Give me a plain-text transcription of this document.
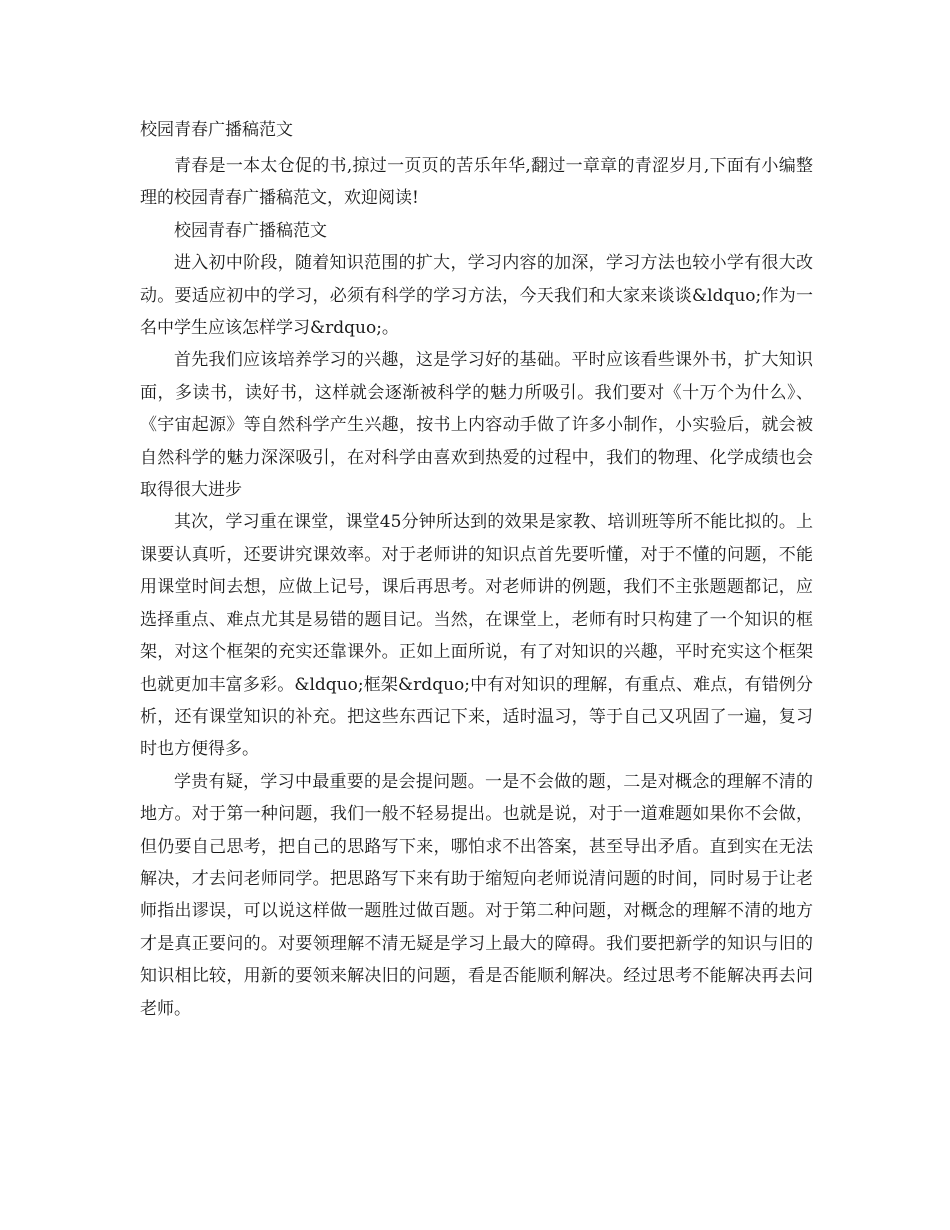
校园青春广播稿范文

青春是一本太仓促的书,掠过一页页的苦乐年华,翻过一章章的青涩岁月,下面有小编整理的校园青春广播稿范文，欢迎阅读!

校园青春广播稿范文

进入初中阶段，随着知识范围的扩大，学习内容的加深，学习方法也较小学有很大改动。要适应初中的学习，必须有科学的学习方法，今天我们和大家来谈谈&ldquo;作为一名中学生应该怎样学习&rdquo;。

首先我们应该培养学习的兴趣，这是学习好的基础。平时应该看些课外书，扩大知识面，多读书，读好书，这样就会逐渐被科学的魅力所吸引。我们要对《十万个为什么》、《宇宙起源》等自然科学产生兴趣，按书上内容动手做了许多小制作，小实验后，就会被自然科学的魅力深深吸引，在对科学由喜欢到热爱的过程中，我们的物理、化学成绩也会取得很大进步

其次，学习重在课堂，课堂45分钟所达到的效果是家教、培训班等所不能比拟的。上课要认真听，还要讲究课效率。对于老师讲的知识点首先要听懂，对于不懂的问题，不能用课堂时间去想，应做上记号，课后再思考。对老师讲的例题，我们不主张题题都记，应选择重点、难点尤其是易错的题目记。当然，在课堂上，老师有时只构建了一个知识的框架，对这个框架的充实还靠课外。正如上面所说，有了对知识的兴趣，平时充实这个框架也就更加丰富多彩。&ldquo;框架&rdquo;中有对知识的理解，有重点、难点，有错例分析，还有课堂知识的补充。把这些东西记下来，适时温习，等于自己又巩固了一遍，复习时也方便得多。

学贵有疑，学习中最重要的是会提问题。一是不会做的题，二是对概念的理解不清的地方。对于第一种问题，我们一般不轻易提出。也就是说，对于一道难题如果你不会做，但仍要自己思考，把自己的思路写下来，哪怕求不出答案，甚至导出矛盾。直到实在无法解决，才去问老师同学。把思路写下来有助于缩短向老师说清问题的时间，同时易于让老师指出谬误，可以说这样做一题胜过做百题。对于第二种问题，对概念的理解不清的地方才是真正要问的。对要领理解不清无疑是学习上最大的障碍。我们要把新学的知识与旧的知识相比较，用新的要领来解决旧的问题，看是否能顺利解决。经过思考不能解决再去问老师。
